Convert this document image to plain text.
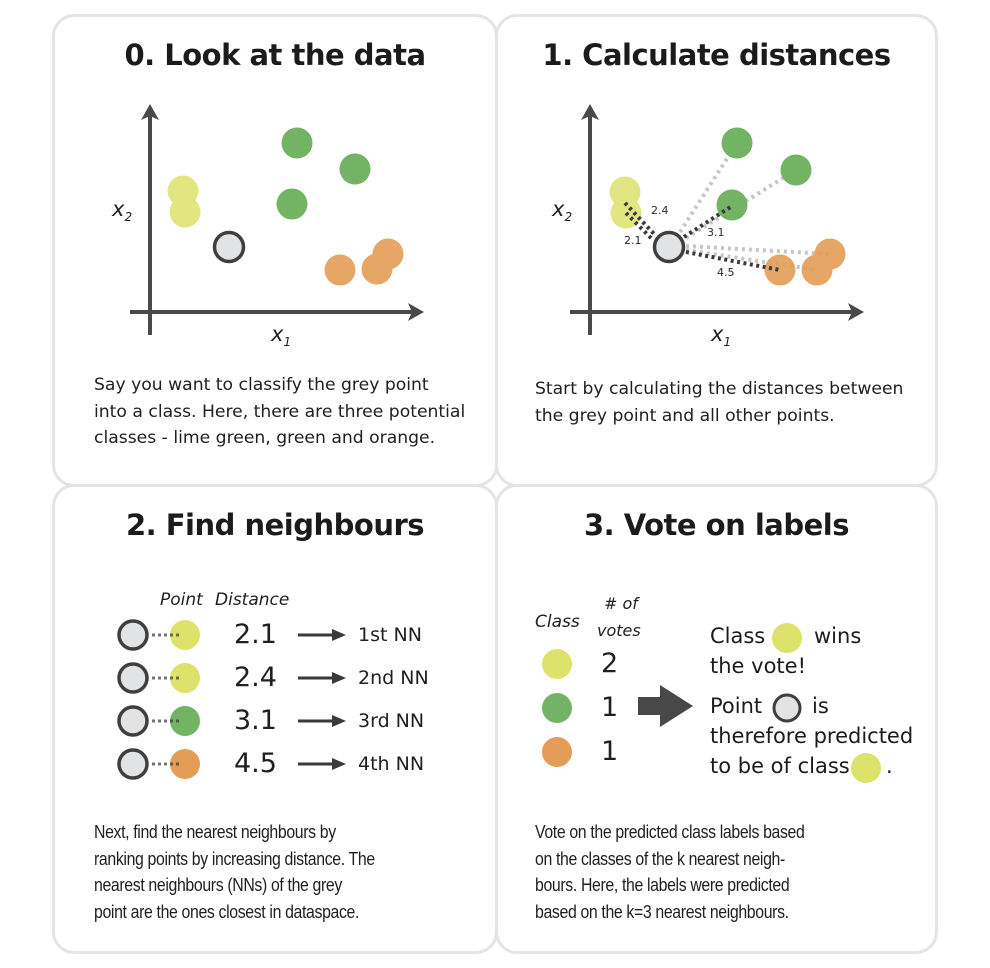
0. Look at the data
$x_2$
$x_1$
Say you want to classify the grey point
into a class. Here, there are three potential
classes - lime green, green and orange.
1. Calculate distances
2.4
2.1
3.1
4.5
$x_2$
$x_1$
Start by calculating the distances between
the grey point and all other points.
2. Find neighbours
Point Distance
2.1
2.4
3.1
4.5
1st NN
2nd NN
3rd NN
4th NN
Next, find the nearest neighbours by
ranking points by increasing distance. The
nearest neighbours (NNs) of the grey
point are the ones closest in dataspace.
3. Vote on labels
Class
# of
votes
2
1
1
Class wins
the vote!
Point is
therefore predicted
to be of class .
Vote on the predicted class labels based
on the classes of the k nearest neigh-
bours. Here, the labels were predicted
based on the k=3 nearest neighbours.
